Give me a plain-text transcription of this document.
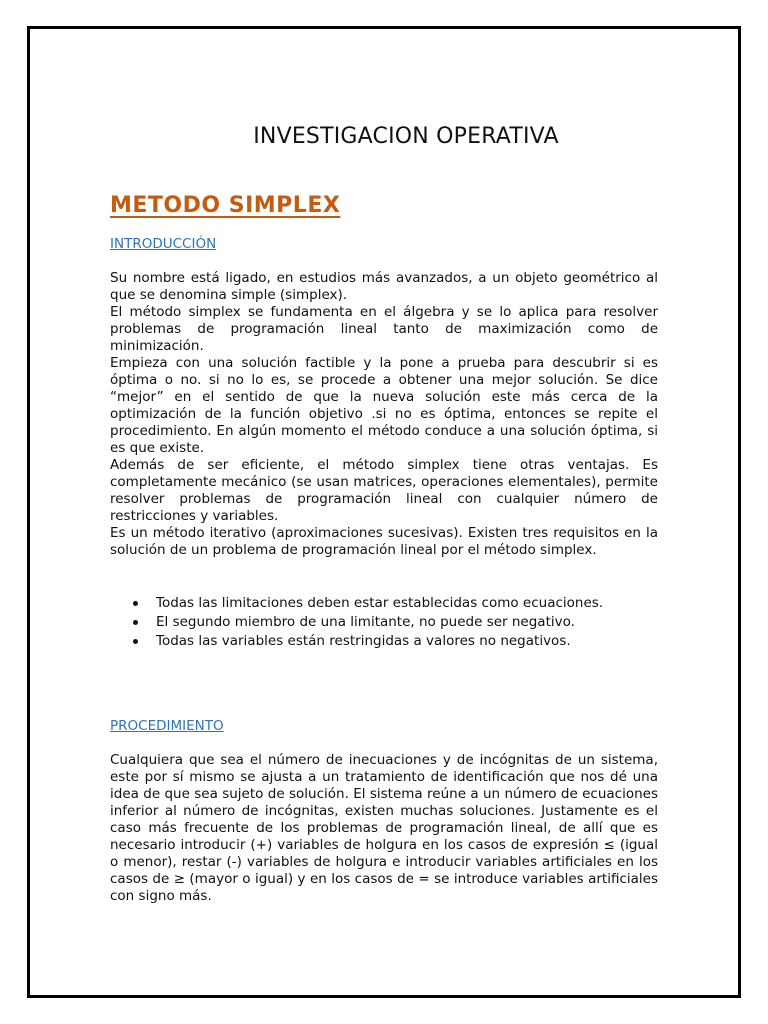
INVESTIGACION OPERATIVA
METODO SIMPLEX
INTRODUCCIÓN

Su nombre está ligado, en estudios más avanzados, a un objeto geométrico al que se denomina simple (simplex).

El método simplex se fundamenta en el álgebra y se lo aplica para resolver problemas de programación lineal tanto de maximización como de minimización.

Empieza con una solución factible y la pone a prueba para descubrir si es óptima o no. si no lo es, se procede a obtener una mejor solución. Se dice “mejor” en el sentido de que la nueva solución este más cerca de la optimización de la función objetivo .si no es óptima, entonces se repite el procedimiento. En algún momento el método conduce a una solución óptima, si es que existe.

Además de ser eficiente, el método simplex tiene otras ventajas. Es completamente mecánico (se usan matrices, operaciones elementales), permite resolver problemas de programación lineal con cualquier número de restricciones y variables.

Es un método iterativo (aproximaciones sucesivas). Existen tres requisitos en la solución de un problema de programación lineal por el método simplex.

Todas las limitaciones deben estar establecidas como ecuaciones.
El segundo miembro de una limitante, no puede ser negativo.
Todas las variables están restringidas a valores no negativos.
PROCEDIMIENTO

Cualquiera que sea el número de inecuaciones y de incógnitas de un sistema, este por sí mismo se ajusta a un tratamiento de identificación que nos dé una idea de que sea sujeto de solución. El sistema reúne a un número de ecuaciones inferior al número de incógnitas, existen muchas soluciones. Justamente es el caso más frecuente de los problemas de programación lineal, de allí que es necesario introducir (+) variables de holgura en los casos de expresión ≤ (igual o menor), restar (-) variables de holgura e introducir variables artificiales en los casos de ≥ (mayor o igual) y en los casos de = se introduce variables artificiales con signo más.
